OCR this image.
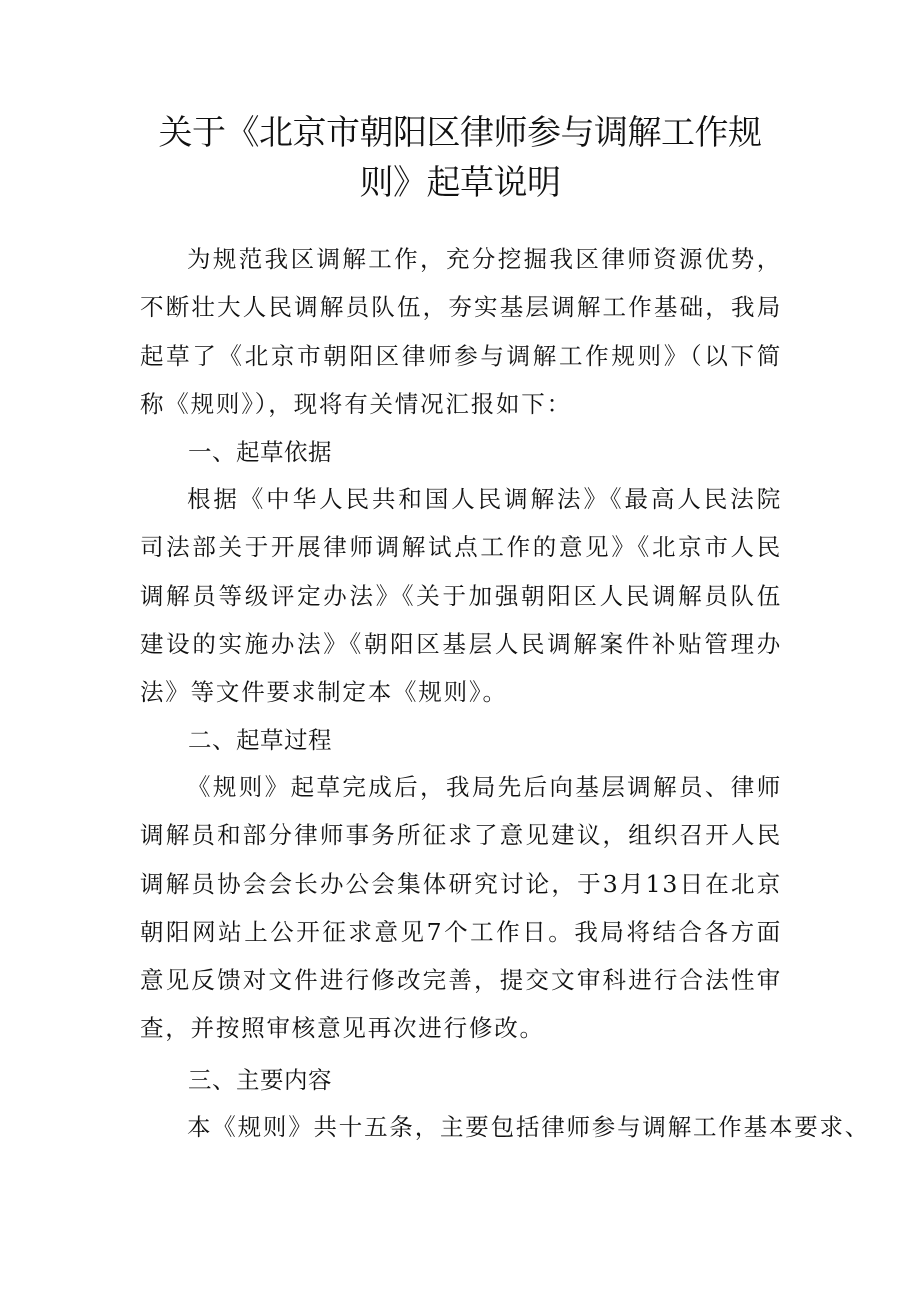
关于《北京市朝阳区律师参与调解工作规
则》起草说明

为规范我区调解工作，充分挖掘我区律师资源优势，不断壮大人民调解员队伍，夯实基层调解工作基础，我局起草了《北京市朝阳区律师参与调解工作规则》（以下简称《规则》），现将有关情况汇报如下：

一、起草依据

根据《中华人民共和国人民调解法》《最高人民法院司法部关于开展律师调解试点工作的意见》《北京市人民调解员等级评定办法》《关于加强朝阳区人民调解员队伍建设的实施办法》《朝阳区基层人民调解案件补贴管理办法》等文件要求制定本《规则》。

二、起草过程

《规则》起草完成后，我局先后向基层调解员、律师调解员和部分律师事务所征求了意见建议，组织召开人民调解员协会会长办公会集体研究讨论，于3月13日在北京朝阳网站上公开征求意见7个工作日。我局将结合各方面意见反馈对文件进行修改完善，提交文审科进行合法性审查，并按照审核意见再次进行修改。

三、主要内容

本《规则》共十五条，主要包括律师参与调解工作基本要求、
